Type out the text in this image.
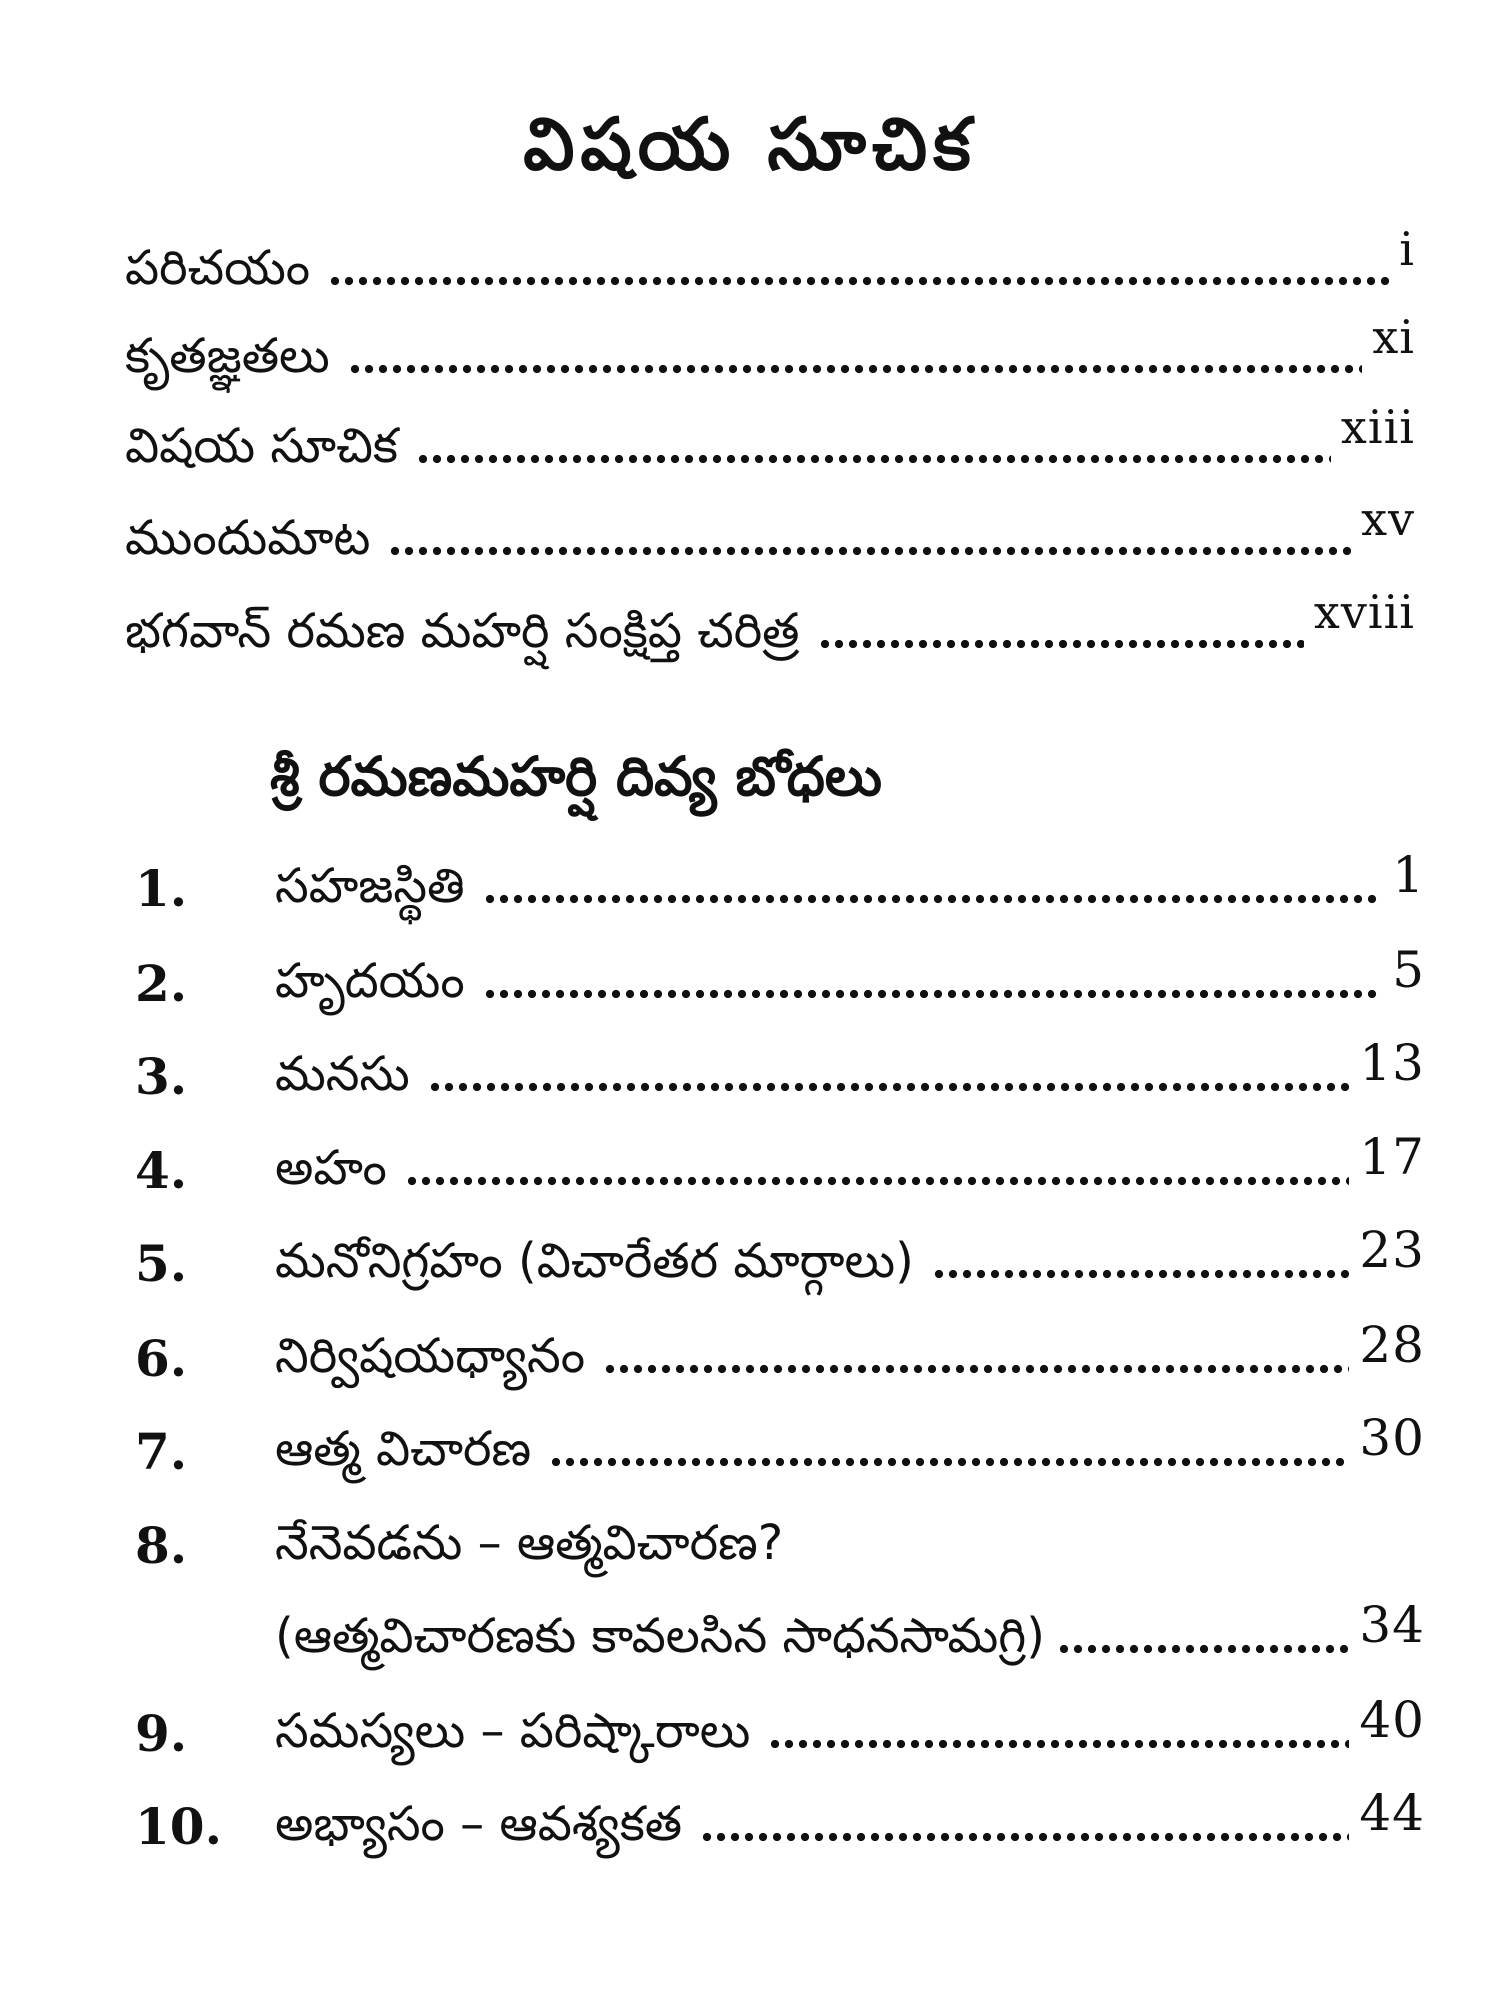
విషయ సూచిక
పరిచయం	i
కృతజ్ఞతలు	xi
విషయ సూచిక	xiii
ముందుమాట	xv
భగవాన్ రమణ మహర్షి సంక్షిప్త చరిత్ర	xviii
శ్రీ రమణమహర్షి దివ్య బోధలు
1.	సహజస్థితి	1
2.	హృదయం	5
3.	మనసు	13
4.	అహం	17
5.	మనోనిగ్రహం (విచారేతర మార్గాలు)	23
6.	నిర్విషయధ్యానం	28
7.	ఆత్మ విచారణ	30
8.	నేనెవడను – ఆత్మవిచారణ?
(ఆత్మవిచారణకు కావలసిన సాధనసామగ్రి)	34
9.	సమస్యలు – పరిష్కారాలు	40
10.	అభ్యాసం – ఆవశ్యకత	44
